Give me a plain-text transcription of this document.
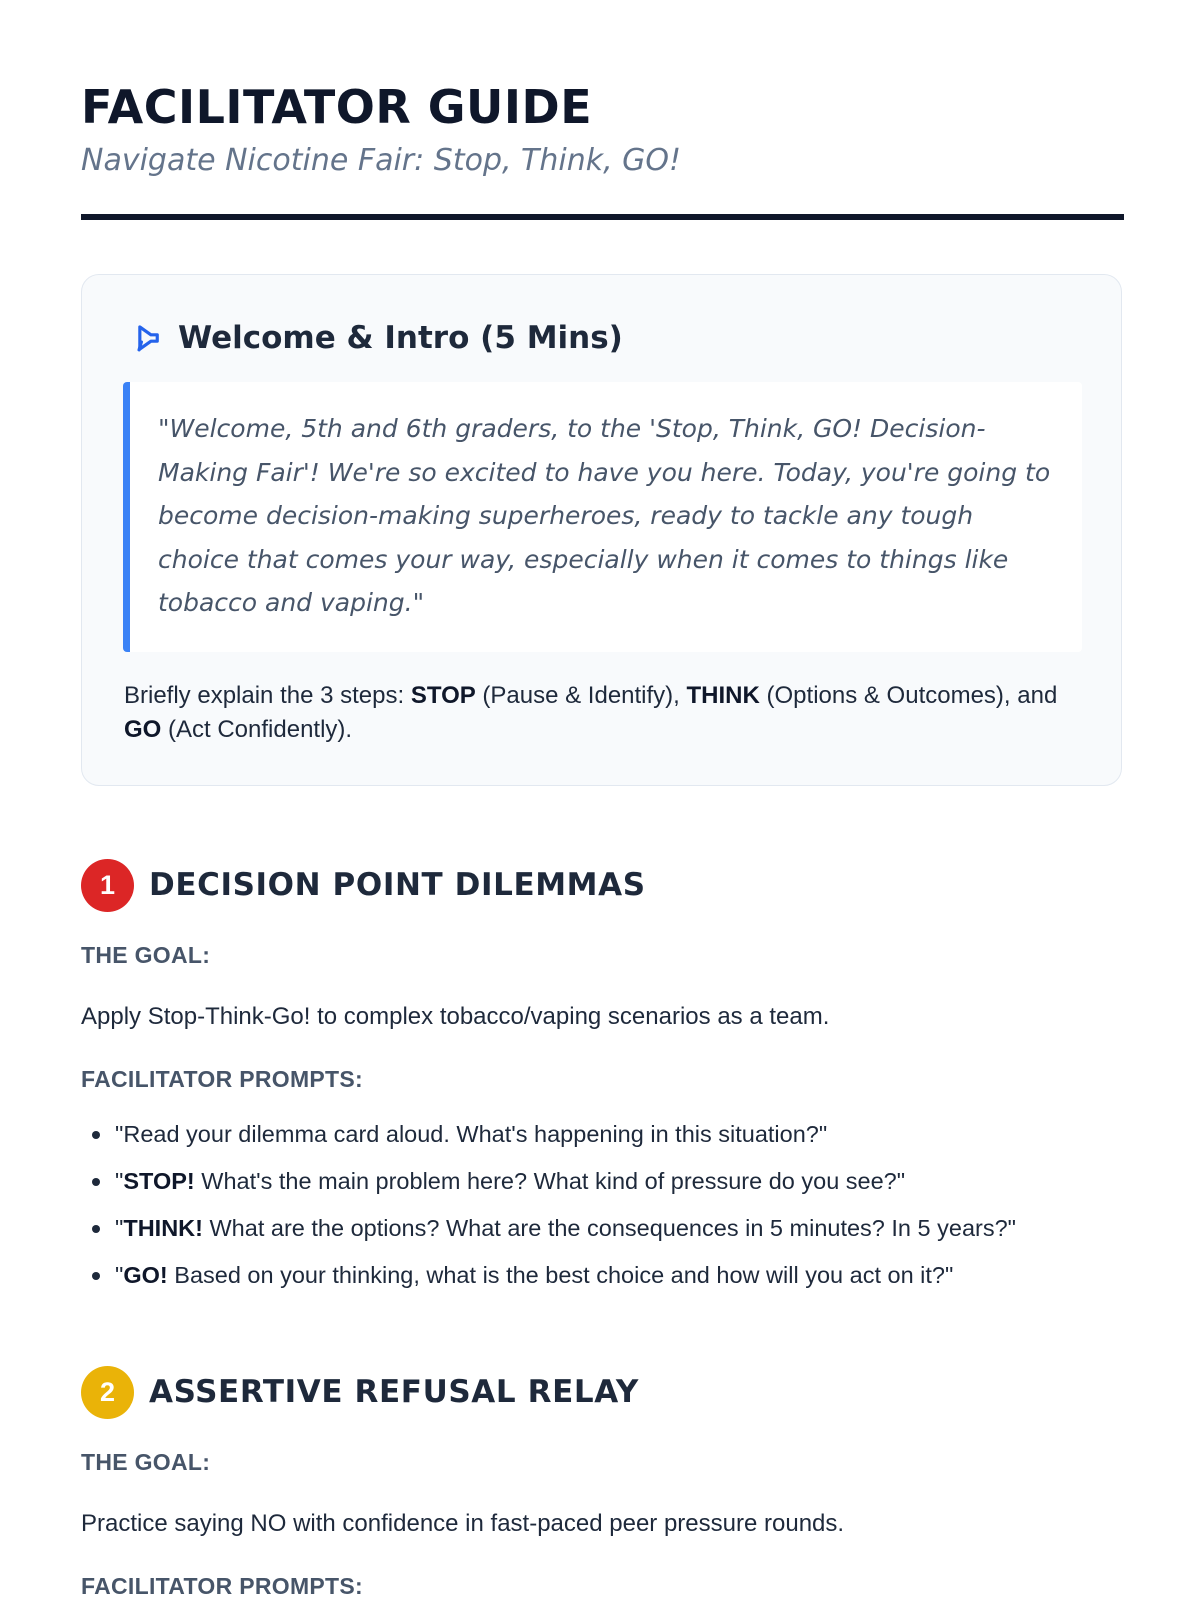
FACILITATOR GUIDE
Navigate Nicotine Fair: Stop, Think, GO!
Welcome & Intro (5 Mins)
"Welcome, 5th and 6th graders, to the 'Stop, Think, GO! Decision-Making Fair'! We're so excited to have you here. Today, you're going to become decision-making superheroes, ready to tackle any tough choice that comes your way, especially when it comes to things like tobacco and vaping."
Briefly explain the 3 steps: STOP (Pause & Identify), THINK (Options & Outcomes), and GO (Act Confidently).
1	DECISION POINT DILEMMAS
THE GOAL:
Apply Stop-Think-Go! to complex tobacco/vaping scenarios as a team.
FACILITATOR PROMPTS:
"Read your dilemma card aloud. What's happening in this situation?"
"STOP! What's the main problem here? What kind of pressure do you see?"
"THINK! What are the options? What are the consequences in 5 minutes? In 5 years?"
"GO! Based on your thinking, what is the best choice and how will you act on it?"
2	ASSERTIVE REFUSAL RELAY
THE GOAL:
Practice saying NO with confidence in fast-paced peer pressure rounds.
FACILITATOR PROMPTS:
